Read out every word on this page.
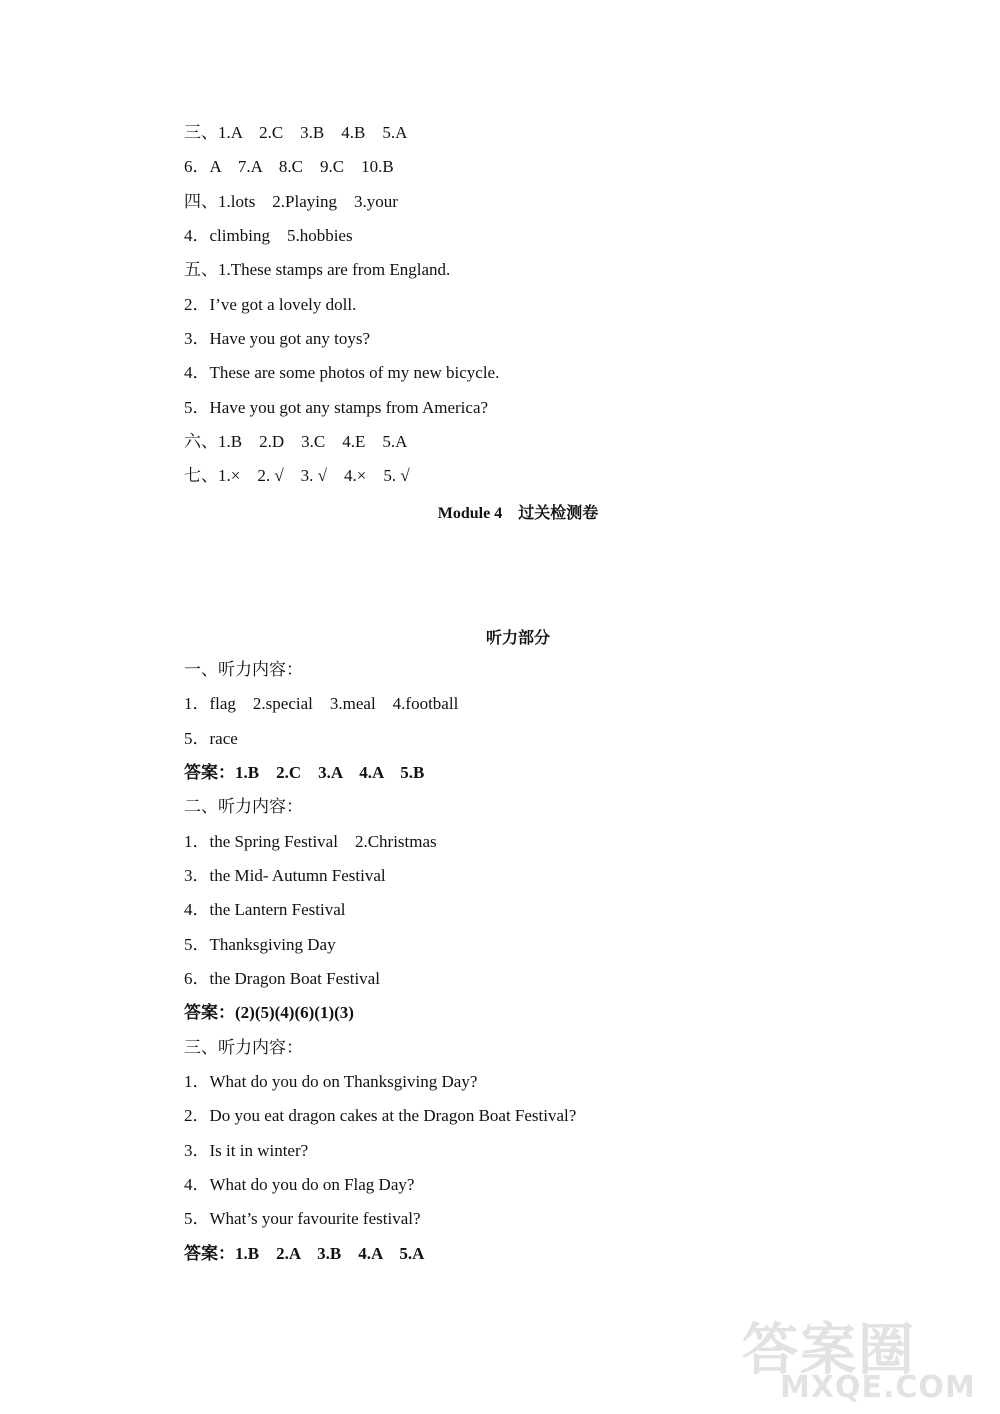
三、1.A    2.C    3.B    4.B    5.A
6．A    7.A    8.C    9.C    10.B
四、1.lots    2.Playing    3.your
4．climbing    5.hobbies
五、1.These stamps are from England.
2．I’ve got a lovely doll.
3．Have you got any toys?
4．These are some photos of my new bicycle.
5．Have you got any stamps from America?
六、1.B    2.D    3.C    4.E    5.A
七、1.×    2. √    3. √    4.×    5. √
Module 4    过关检测卷
听力部分
一、听力内容：
1．flag    2.special    3.meal    4.football
5．race
答案：1.B    2.C    3.A    4.A    5.B
二、听力内容：
1．the Spring Festival    2.Christmas
3．the Mid- Autumn Festival
4．the Lantern Festival
5．Thanksgiving Day
6．the Dragon Boat Festival
答案：(2)(5)(4)(6)(1)(3)
三、听力内容：
1．What do you do on Thanksgiving Day?
2．Do you eat dragon cakes at the Dragon Boat Festival?
3．Is it in winter?
4．What do you do on Flag Day?
5．What’s your favourite festival?
答案：1.B    2.A    3.B    4.A    5.A
答案圈
MXQE.COM
